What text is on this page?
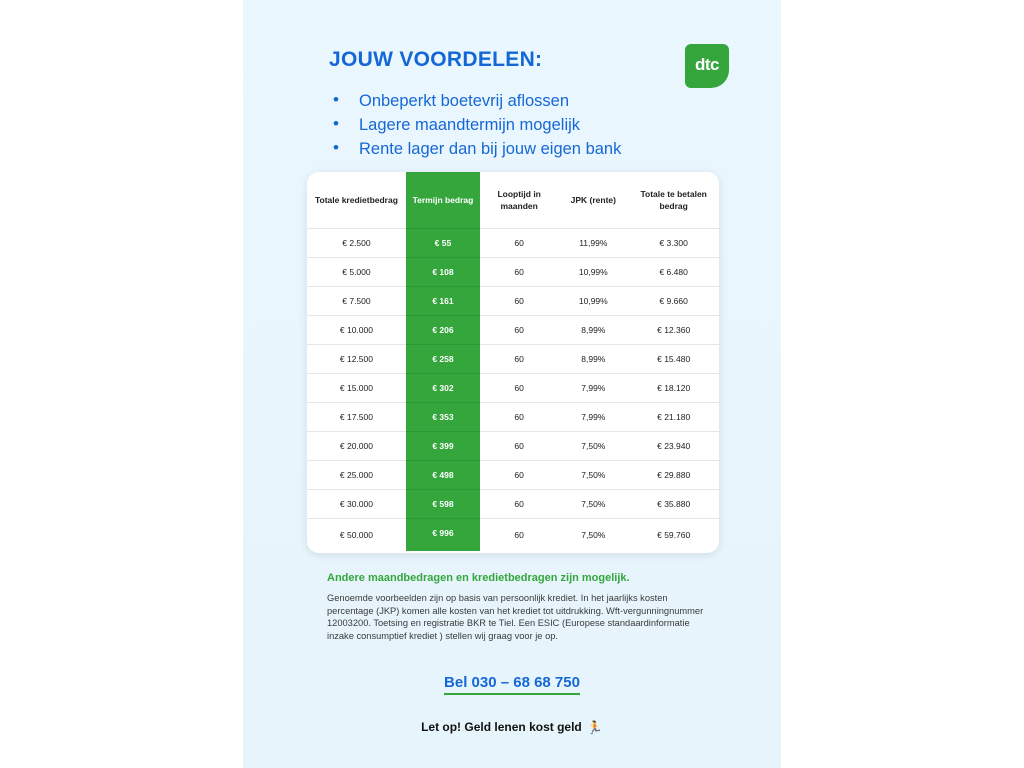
JOUW VOORDELEN:	dtc
• Onbeperkt boetevrij aflossen
• Lagere maandtermijn mogelijk
• Rente lager dan bij jouw eigen bank
Totale kredietbedrag	Termijn bedrag	Looptijd in maanden	JPK (rente)	Totale te betalen bedrag
€ 2.500	€ 55	60	11,99%	€ 3.300
€ 5.000	€ 108	60	10,99%	€ 6.480
€ 7.500	€ 161	60	10,99%	€ 9.660
€ 10.000	€ 206	60	8,99%	€ 12.360
€ 12.500	€ 258	60	8,99%	€ 15.480
€ 15.000	€ 302	60	7,99%	€ 18.120
€ 17.500	€ 353	60	7,99%	€ 21.180
€ 20.000	€ 399	60	7,50%	€ 23.940
€ 25.000	€ 498	60	7,50%	€ 29.880
€ 30.000	€ 598	60	7,50%	€ 35.880
€ 50.000	€ 996	60	7,50%	€ 59.760
Andere maandbedragen en kredietbedragen zijn mogelijk.
Genoemde voorbeelden zijn op basis van persoonlijk krediet. In het jaarlijks kosten percentage (JKP) komen alle kosten van het krediet tot uitdrukking. Wft-vergunningnummer 12003200. Toetsing en registratie BKR te Tiel. Een ESIC (Europese standaardinformatie inzake consumptief krediet ) stellen wij graag voor je op.
Bel 030 – 68 68 750
Let op! Geld lenen kost geld 🏃
